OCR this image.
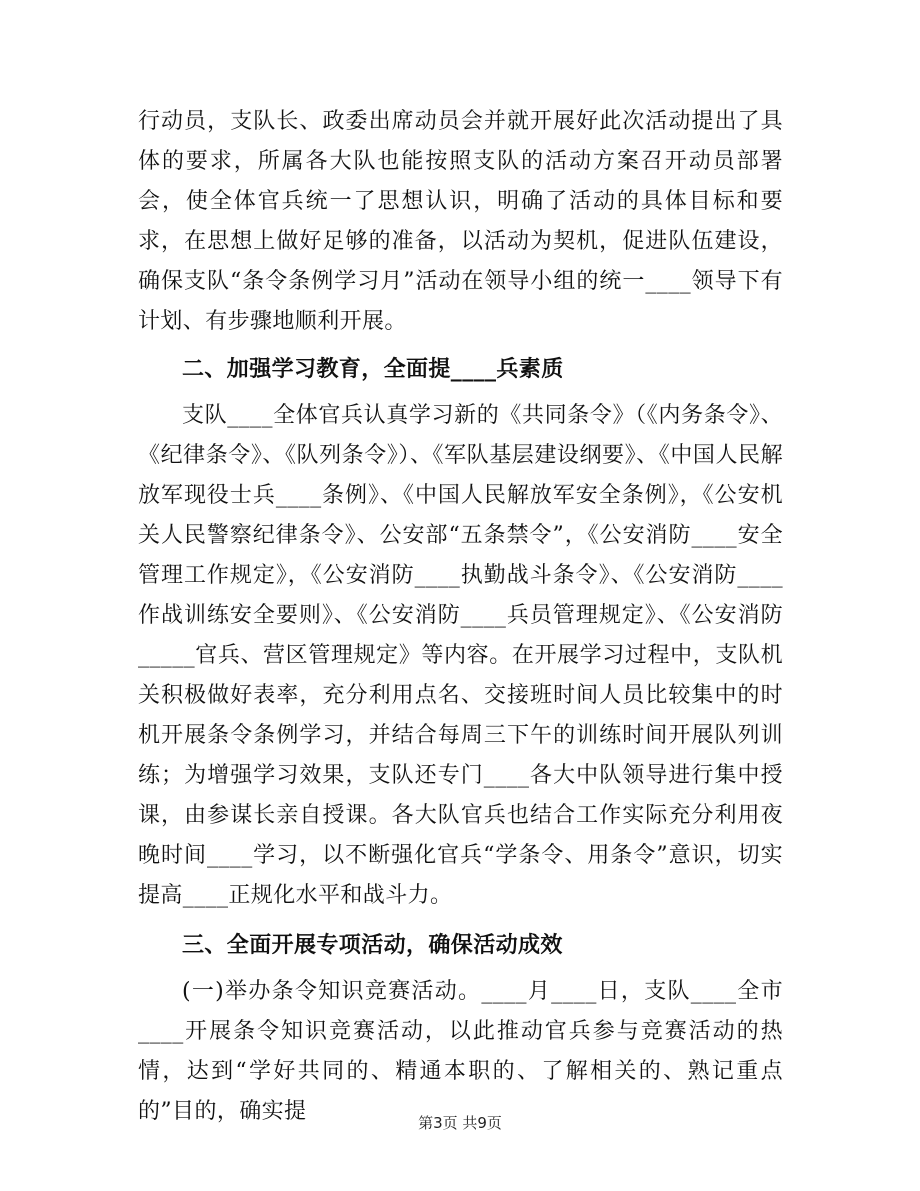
行动员，支队长、政委出席动员会并就开展好此次活动提出了具体的要求，所属各大队也能按照支队的活动方案召开动员部署会，使全体官兵统一了思想认识，明确了活动的具体目标和要求，在思想上做好足够的准备，以活动为契机，促进队伍建设，确保支队“条令条例学习月”活动在领导小组的统一____领导下有计划、有步骤地顺利开展。

二、加强学习教育，全面提____兵素质

支队____全体官兵认真学习新的《共同条令》（《内务条令》、《纪律条令》、《队列条令》）、《军队基层建设纲要》、《中国人民解放军现役士兵____条例》、《中国人民解放军安全条例》，《公安机关人民警察纪律条令》、公安部“五条禁令”，《公安消防____安全管理工作规定》，《公安消防____执勤战斗条令》、《公安消防____作战训练安全要则》、《公安消防____兵员管理规定》、《公安消防_____官兵、营区管理规定》等内容。在开展学习过程中，支队机关积极做好表率，充分利用点名、交接班时间人员比较集中的时机开展条令条例学习，并结合每周三下午的训练时间开展队列训练；为增强学习效果，支队还专门____各大中队领导进行集中授课，由参谋长亲自授课。各大队官兵也结合工作实际充分利用夜晚时间____学习，以不断强化官兵“学条令、用条令”意识，切实提高____正规化水平和战斗力。

三、全面开展专项活动，确保活动成效

(一)举办条令知识竞赛活动。____月____日，支队____全市____开展条令知识竞赛活动，以此推动官兵参与竞赛活动的热情，达到“学好共同的、精通本职的、了解相关的、熟记重点的”目的，确实提	第3页 共9页
